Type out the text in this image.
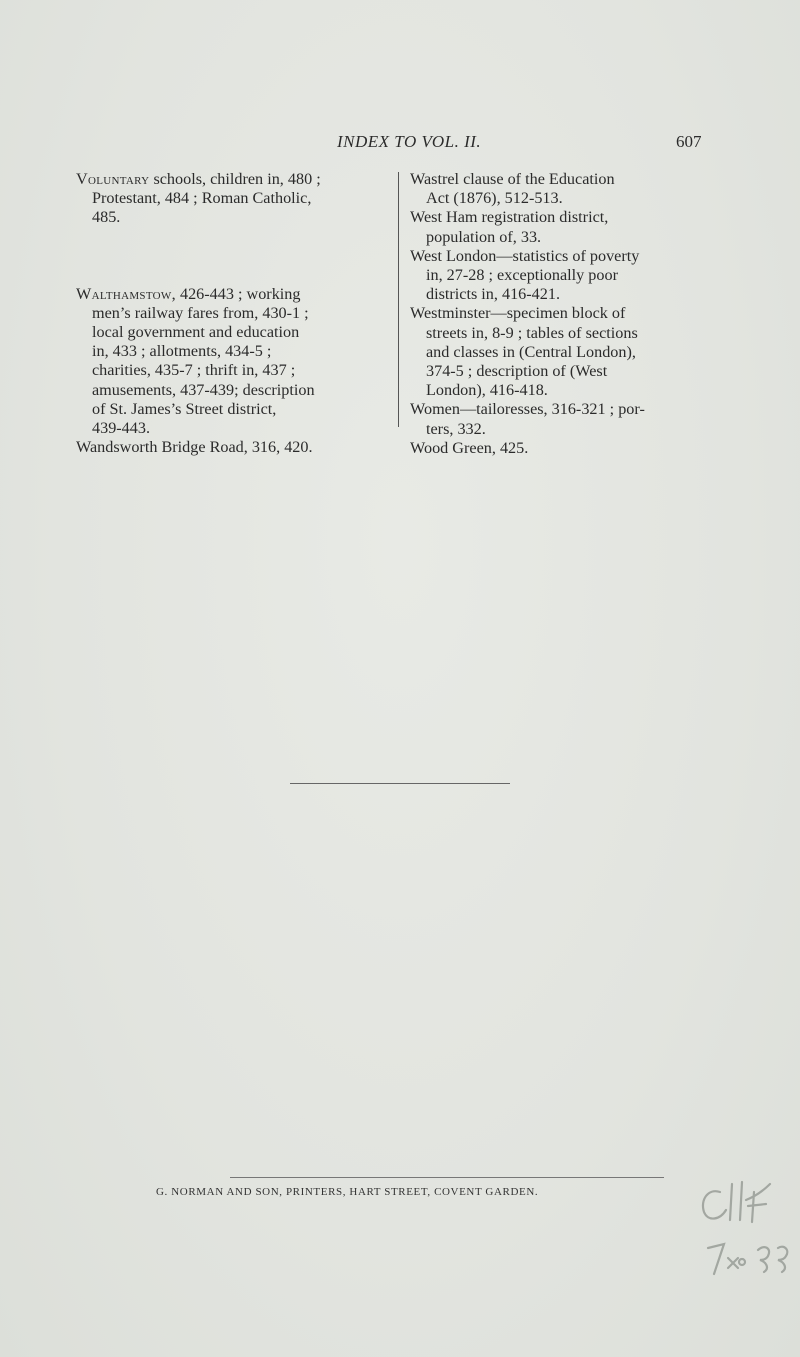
INDEX TO VOL. II.	607
Voluntary schools, children in, 480 ;
Protestant, 484 ; Roman Catholic,
485.
Walthamstow, 426-443 ; working
men’s railway fares from, 430-1 ;
local government and education
in, 433 ; allotments, 434-5 ;
charities, 435-7 ; thrift in, 437 ;
amusements, 437-439; description
of St. James’s Street district,
439-443.
Wandsworth Bridge Road, 316, 420.
Wastrel clause of the Education
Act (1876), 512-513.
West Ham registration district,
population of, 33.
West London—statistics of poverty
in, 27-28 ; exceptionally poor
districts in, 416-421.
Westminster—specimen block of
streets in, 8-9 ; tables of sections
and classes in (Central London),
374-5 ; description of (West
London), 416-418.
Women—tailoresses, 316-321 ; por-
ters, 332.
Wood Green, 425.
G. NORMAN AND SON, PRINTERS, HART STREET, COVENT GARDEN.
